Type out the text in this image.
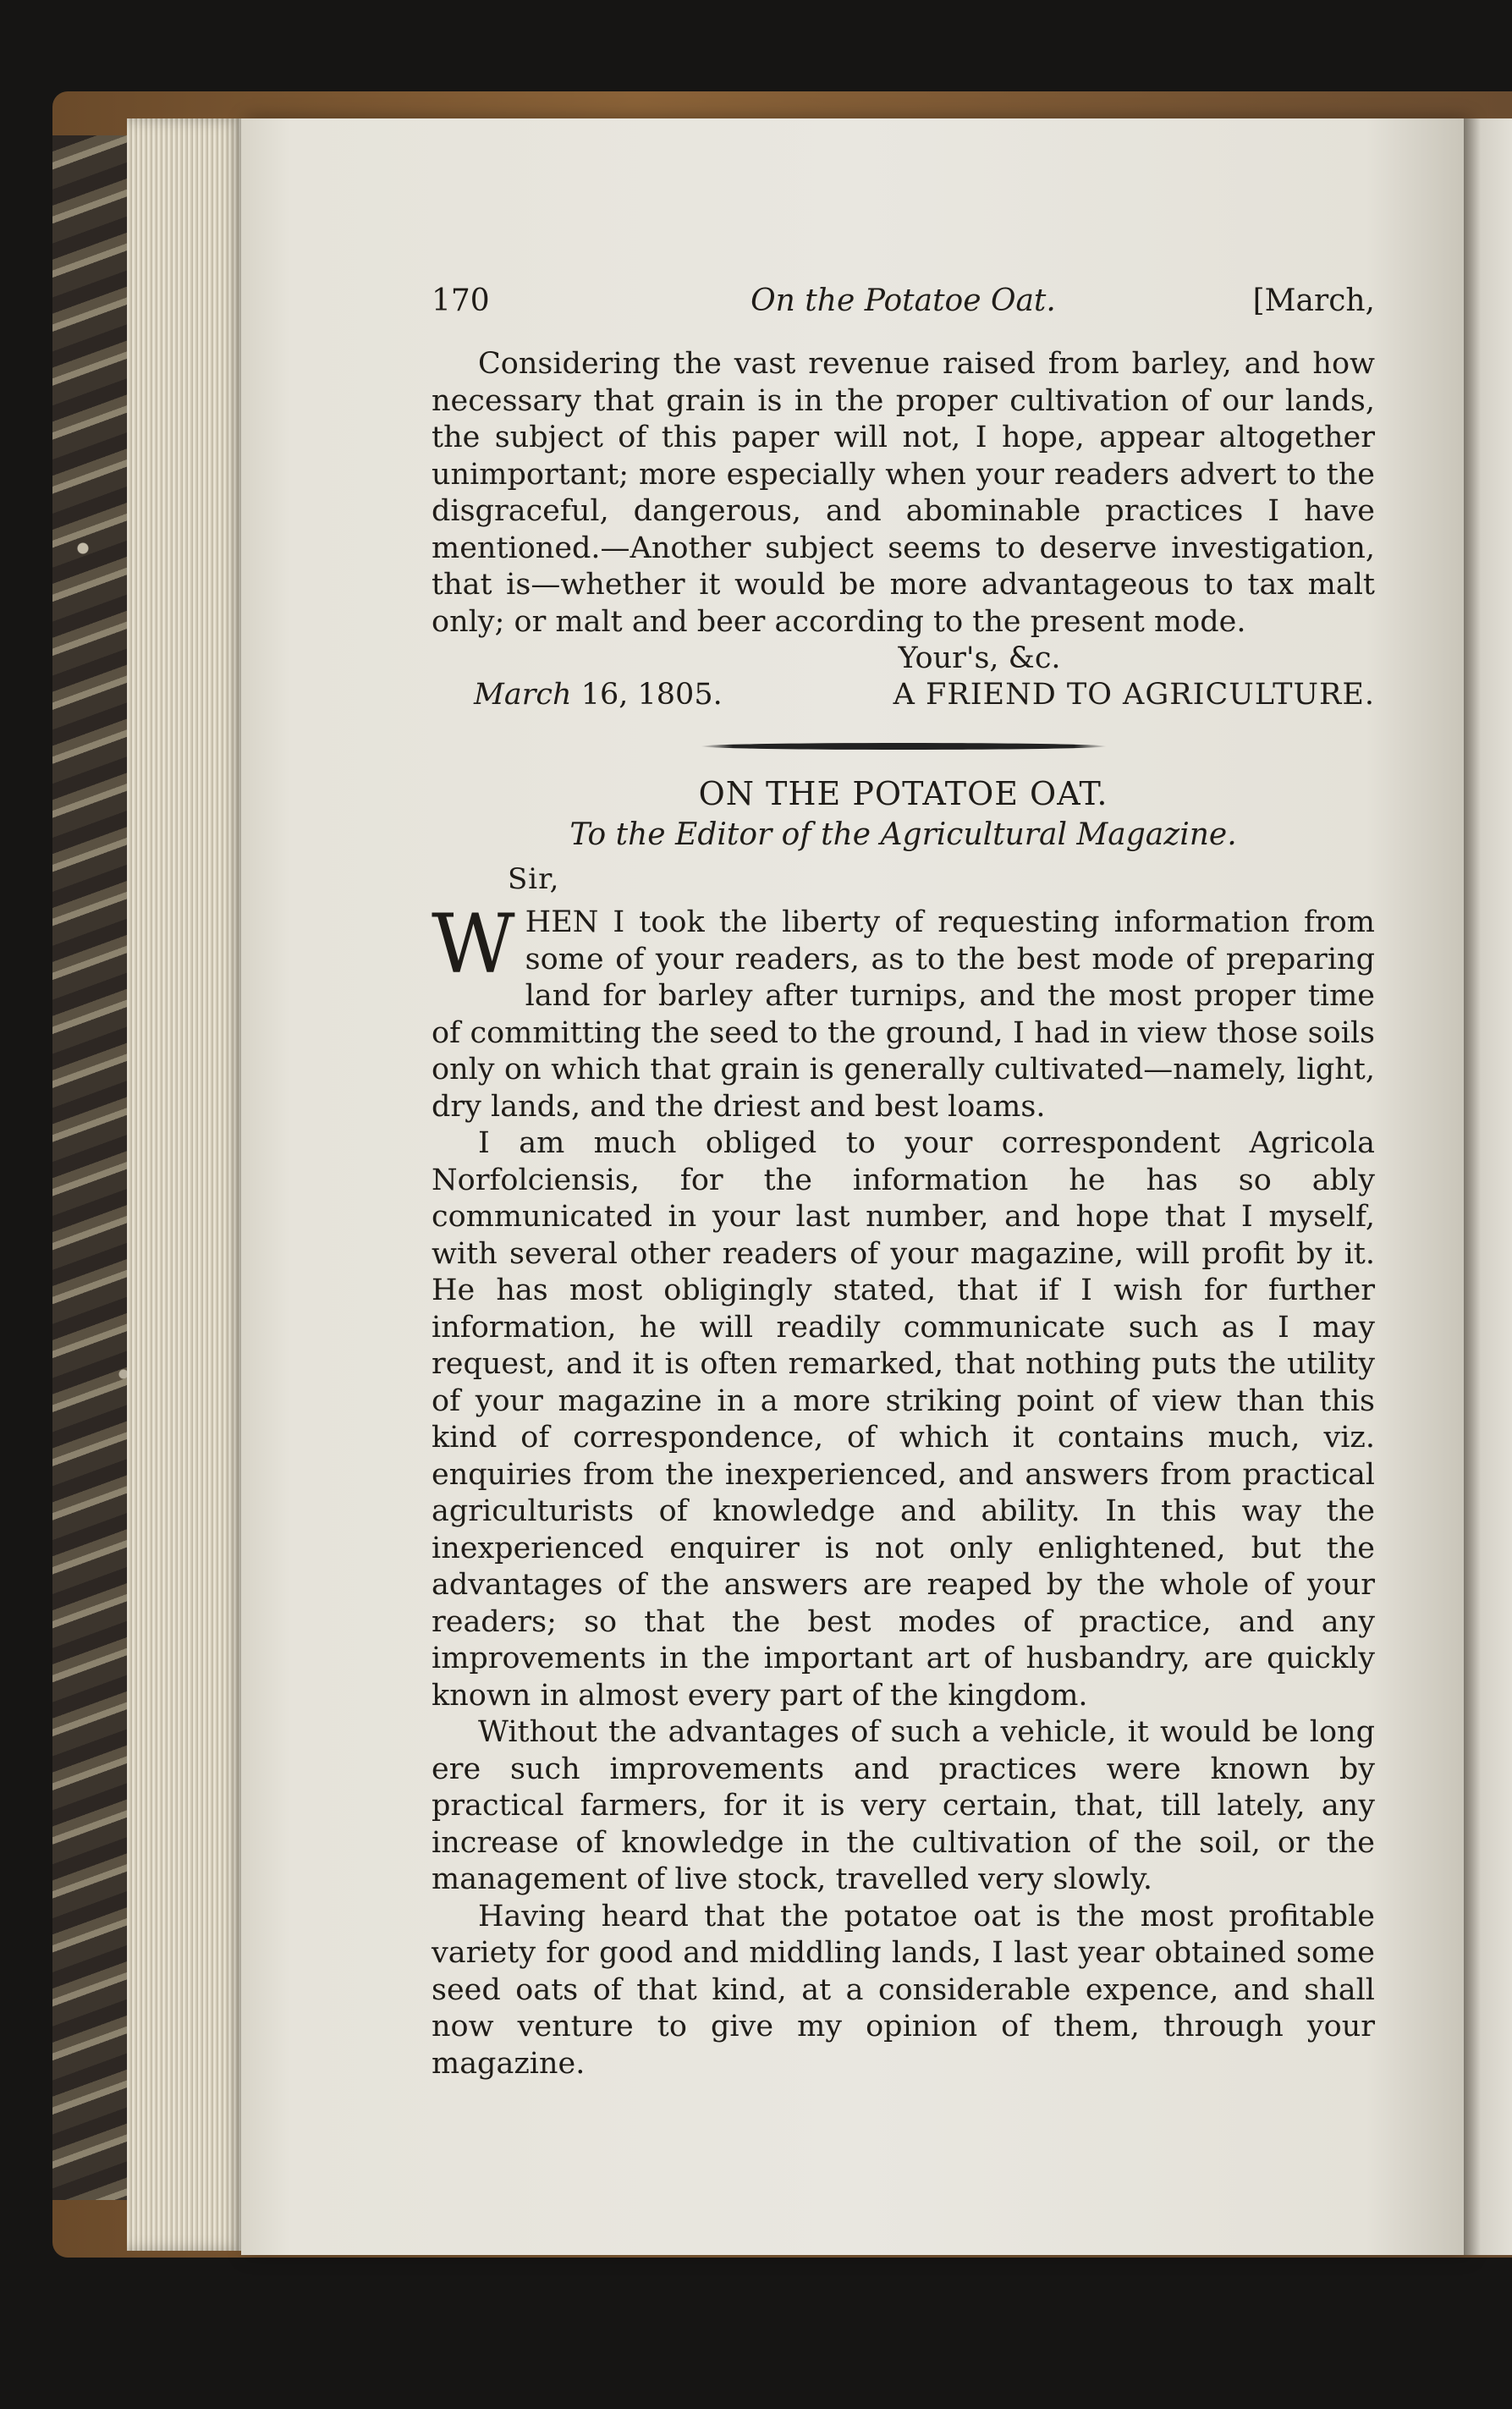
170	On the Potatoe Oat.	[March,

Considering the vast revenue raised from barley, and how necessary that grain is in the proper cultivation of our lands, the subject of this paper will not, I hope, appear altogether unimportant; more especially when your readers advert to the disgraceful, dangerous, and abominable practices I have mentioned.—Another subject seems to deserve investigation, that is—whether it would be more advantageous to tax malt only; or malt and beer according to the present mode.

Your's, &c.

March 16, 1805.	A FRIEND TO AGRICULTURE.
ON THE POTATOE OAT.
To the Editor of the Agricultural Magazine.
Sir,

WHEN I took the liberty of requesting information from some of your readers, as to the best mode of preparing land for barley after turnips, and the most proper time of committing the seed to the ground, I had in view those soils only on which that grain is generally cultivated—namely, light, dry lands, and the driest and best loams.

I am much obliged to your correspondent Agricola Norfolciensis, for the information he has so ably communicated in your last number, and hope that I myself, with several other readers of your magazine, will profit by it. He has most obligingly stated, that if I wish for further information, he will readily communicate such as I may request, and it is often remarked, that nothing puts the utility of your magazine in a more striking point of view than this kind of correspondence, of which it contains much, viz. enquiries from the inexperienced, and answers from practical agriculturists of knowledge and ability. In this way the inexperienced enquirer is not only enlightened, but the advantages of the answers are reaped by the whole of your readers; so that the best modes of practice, and any improvements in the important art of husbandry, are quickly known in almost every part of the kingdom.

Without the advantages of such a vehicle, it would be long ere such improvements and practices were known by practical farmers, for it is very certain, that, till lately, any increase of knowledge in the cultivation of the soil, or the management of live stock, travelled very slowly.

Having heard that the potatoe oat is the most profitable variety for good and middling lands, I last year obtained some seed oats of that kind, at a considerable expence, and shall now venture to give my opinion of them, through your magazine.
